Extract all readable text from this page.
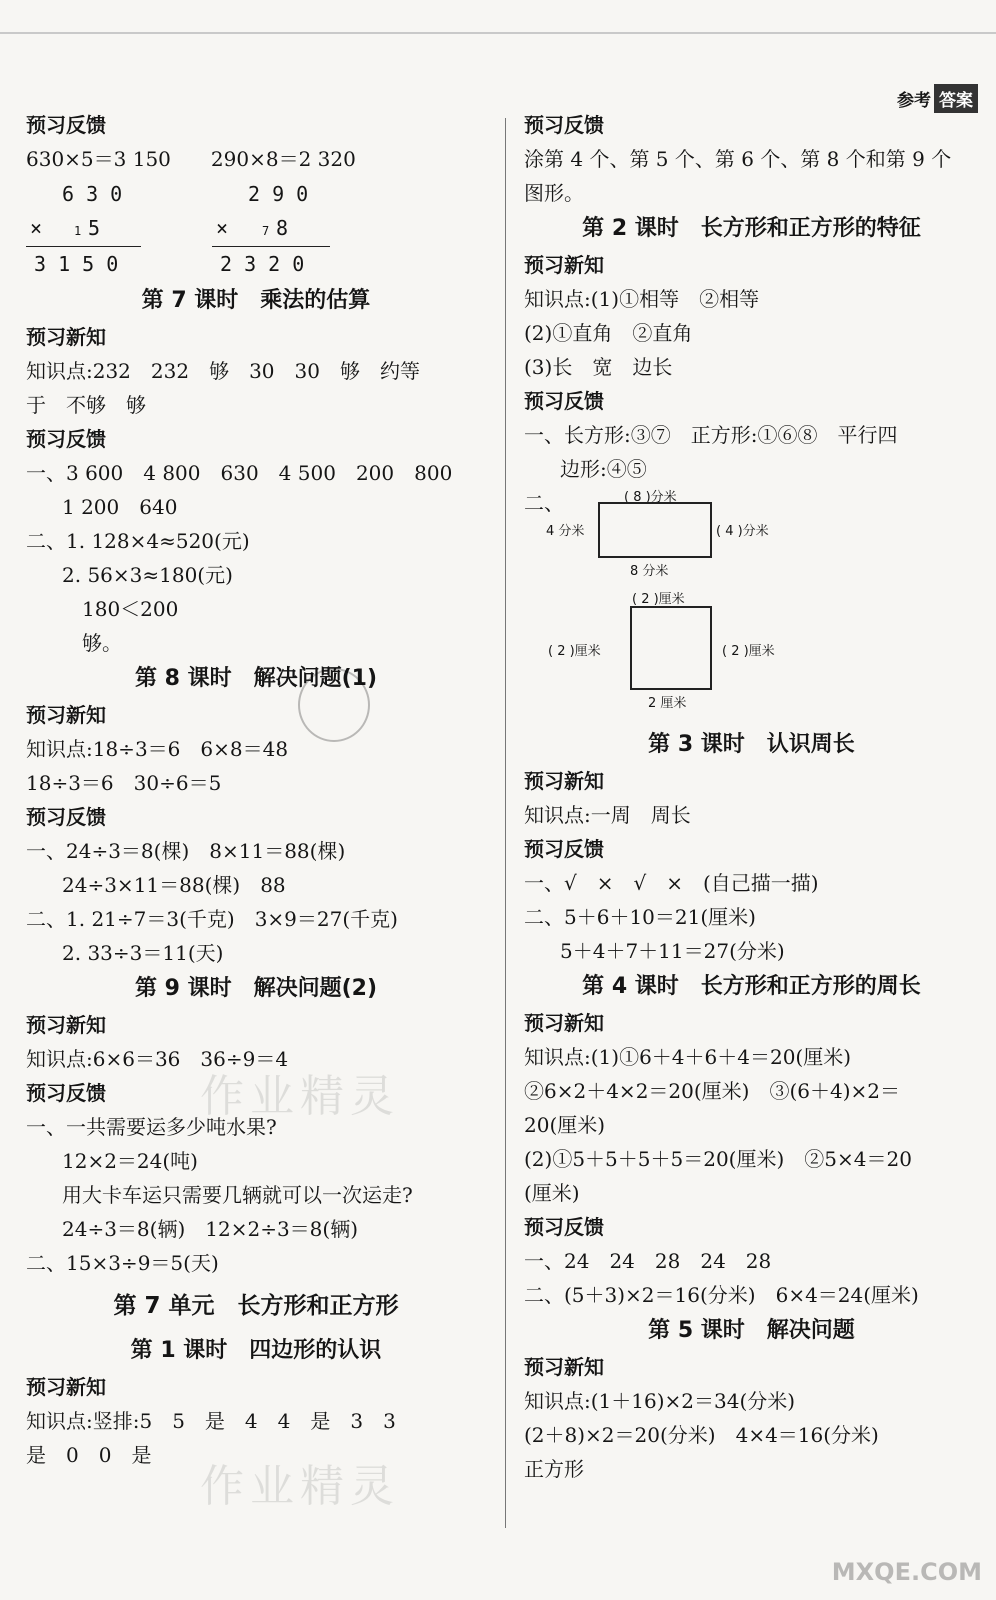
参考 答案
预习反馈
630×5＝3 150　　290×8＝2 320
6 3 0
×	1 5
3 1 5 0
2 9 0
×	7 8
2 3 2 0
第 7 课时　乘法的估算
预习新知
知识点:232　232　够　30　30　够　约等
于　不够　够
预习反馈
一、3 600　4 800　630　4 500　200　800
1 200　640
二、1. 128×4≈520(元)
2. 56×3≈180(元)
180＜200
够。
第 8 课时　解决问题(1)
预习新知
知识点:18÷3＝6　6×8＝48
18÷3＝6　30÷6＝5
预习反馈
一、24÷3＝8(棵)　8×11＝88(棵)
24÷3×11＝88(棵)　88
二、1. 21÷7＝3(千克)　3×9＝27(千克)
2. 33÷3＝11(天)
第 9 课时　解决问题(2)
预习新知
知识点:6×6＝36　36÷9＝4
预习反馈
一、一共需要运多少吨水果?
12×2＝24(吨)
用大卡车运只需要几辆就可以一次运走?
24÷3＝8(辆)　12×2÷3＝8(辆)
二、15×3÷9＝5(天)
第 7 单元　长方形和正方形
第 1 课时　四边形的认识
预习新知
知识点:竖排:5　5　是　4　4　是　3　3
是　0　0　是
预习反馈
涂第 4 个、第 5 个、第 6 个、第 8 个和第 9 个
图形。
第 2 课时　长方形和正方形的特征
预习新知
知识点:(1)①相等　②相等
(2)①直角　②直角
(3)长　宽　边长
预习反馈
一、长方形:③⑦　正方形:①⑥⑧　平行四
边形:④⑤
二、	( 8 )分米
4 分米	( 4 )分米
8 分米
( 2 )厘米
( 2 )厘米	( 2 )厘米
2 厘米
第 3 课时　认识周长
预习新知
知识点:一周　周长
预习反馈
一、√　×　√　×　(自己描一描)
二、5＋6＋10＝21(厘米)
5＋4＋7＋11＝27(分米)
第 4 课时　长方形和正方形的周长
预习新知
知识点:(1)①6＋4＋6＋4＝20(厘米)
②6×2＋4×2＝20(厘米)　③(6＋4)×2＝
20(厘米)
(2)①5＋5＋5＋5＝20(厘米)　②5×4＝20
(厘米)
预习反馈
一、24　24　28　24　28
二、(5＋3)×2＝16(分米)　6×4＝24(厘米)
第 5 课时　解决问题
预习新知
知识点:(1＋16)×2＝34(分米)
(2＋8)×2＝20(分米)　4×4＝16(分米)
正方形
作业精灵
作业精灵
MXQE.COM
